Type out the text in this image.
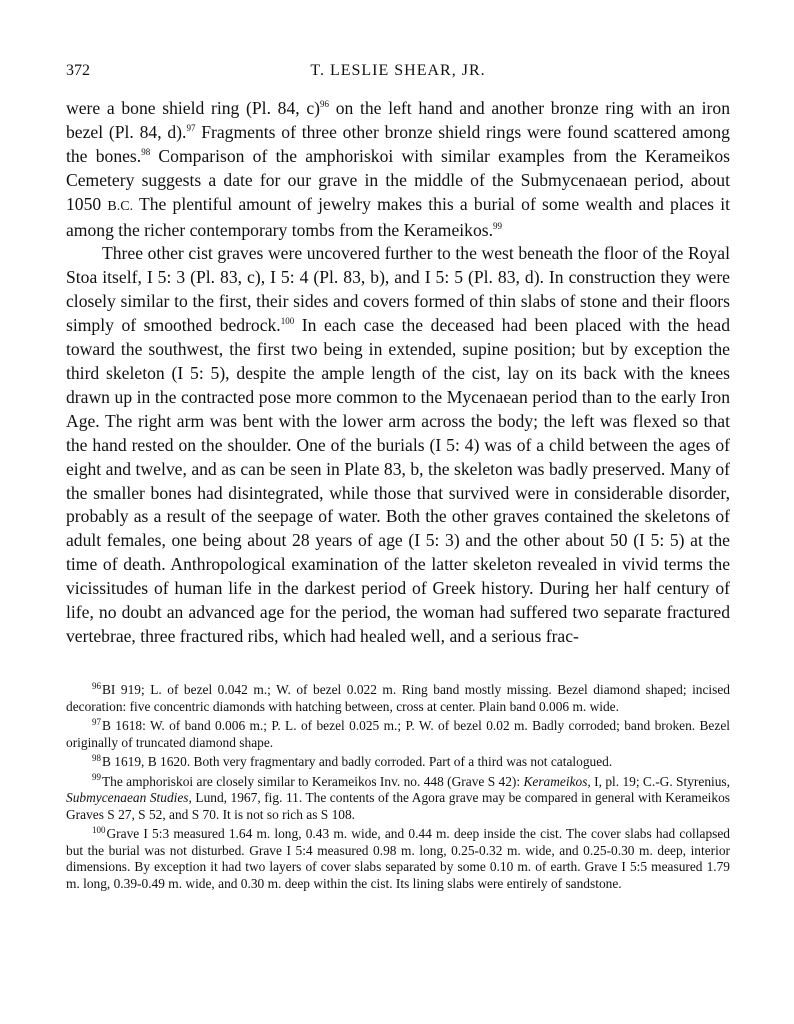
372	T. LESLIE SHEAR, JR.

were a bone shield ring (Pl. 84, c)$^{96}$ on the left hand and another bronze ring with an iron bezel (Pl. 84, d).$^{97}$ Fragments of three other bronze shield rings were found scattered among the bones.$^{98}$ Comparison of the amphoriskoi with similar examples from the Kerameikos Cemetery suggests a date for our grave in the middle of the Submycenaean period, about 1050 B.C. The plentiful amount of jewelry makes this a burial of some wealth and places it among the richer contemporary tombs from the Kerameikos.$^{99}$

Three other cist graves were uncovered further to the west beneath the floor of the Royal Stoa itself, I 5: 3 (Pl. 83, c), I 5: 4 (Pl. 83, b), and I 5: 5 (Pl. 83, d). In construction they were closely similar to the first, their sides and covers formed of thin slabs of stone and their floors simply of smoothed bedrock.$^{100}$ In each case the deceased had been placed with the head toward the southwest, the first two being in extended, supine position; but by exception the third skeleton (I 5: 5), despite the ample length of the cist, lay on its back with the knees drawn up in the contracted pose more common to the Mycenaean period than to the early Iron Age. The right arm was bent with the lower arm across the body; the left was flexed so that the hand rested on the shoulder. One of the burials (I 5: 4) was of a child between the ages of eight and twelve, and as can be seen in Plate 83, b, the skeleton was badly preserved. Many of the smaller bones had disintegrated, while those that survived were in considerable disorder, probably as a result of the seepage of water. Both the other graves contained the skeletons of adult females, one being about 28 years of age (I 5: 3) and the other about 50 (I 5: 5) at the time of death. Anthropological examination of the latter skeleton revealed in vivid terms the vicissitudes of human life in the darkest period of Greek history. During her half century of life, no doubt an advanced age for the period, the woman had suffered two separate fractured vertebrae, three fractured ribs, which had healed well, and a serious frac-

$^{96}$BI 919; L. of bezel 0.042 m.; W. of bezel 0.022 m. Ring band mostly missing. Bezel diamond shaped; incised decoration: five concentric diamonds with hatching between, cross at center. Plain band 0.006 m. wide.

$^{97}$B 1618: W. of band 0.006 m.; P. L. of bezel 0.025 m.; P. W. of bezel 0.02 m. Badly corroded; band broken. Bezel originally of truncated diamond shape.

$^{98}$B 1619, B 1620. Both very fragmentary and badly corroded. Part of a third was not catalogued.

$^{99}$The amphoriskoi are closely similar to Kerameikos Inv. no. 448 (Grave S 42): Kerameikos, I, pl. 19; C.-G. Styrenius, Submycenaean Studies, Lund, 1967, fig. 11. The contents of the Agora grave may be compared in general with Kerameikos Graves S 27, S 52, and S 70. It is not so rich as S 108.

$^{100}$Grave I 5:3 measured 1.64 m. long, 0.43 m. wide, and 0.44 m. deep inside the cist. The cover slabs had collapsed but the burial was not disturbed. Grave I 5:4 measured 0.98 m. long, 0.25-0.32 m. wide, and 0.25-0.30 m. deep, interior dimensions. By exception it had two layers of cover slabs separated by some 0.10 m. of earth. Grave I 5:5 measured 1.79 m. long, 0.39-0.49 m. wide, and 0.30 m. deep within the cist. Its lining slabs were entirely of sandstone.
